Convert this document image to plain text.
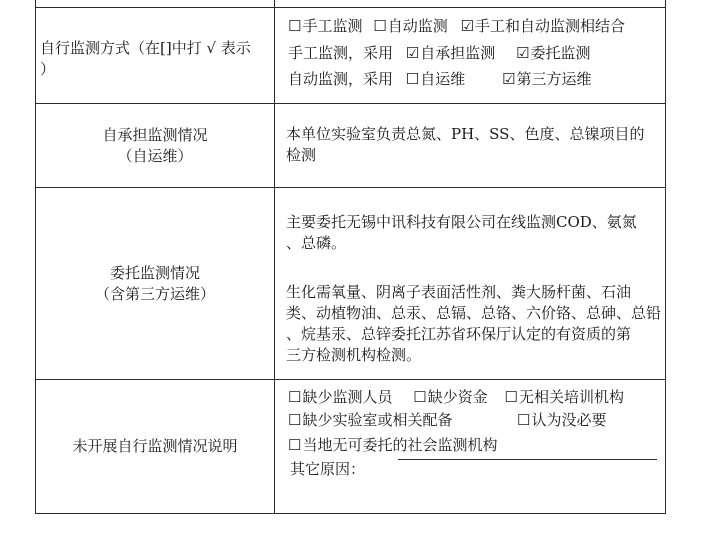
自行监测方式（在[]中打 √ 表示
）
☐手工监测 ☐自动监测 ☑手工和自动监测相结合
手工监测，采用 ☑自承担监测 ☑委托监测
自动监测，采用 ☐自运维 ☑第三方运维
自承担监测情况
（自运维）
本单位实验室负责总氮、PH、SS、色度、总镍项目的
检测
委托监测情况
（含第三方运维）
主要委托无锡中讯科技有限公司在线监测COD、氨氮
、总磷。
生化需氧量、阴离子表面活性剂、粪大肠杆菌、石油
类、动植物油、总汞、总镉、总铬、六价铬、总砷、总铅
、烷基汞、总锌委托江苏省环保厅认定的有资质的第
三方检测机构检测。
未开展自行监测情况说明
☐缺少监测人员 ☐缺少资金 ☐无相关培训机构
☐缺少实验室或相关配备	☐认为没必要
☐当地无可委托的社会监测机构
其它原因：
